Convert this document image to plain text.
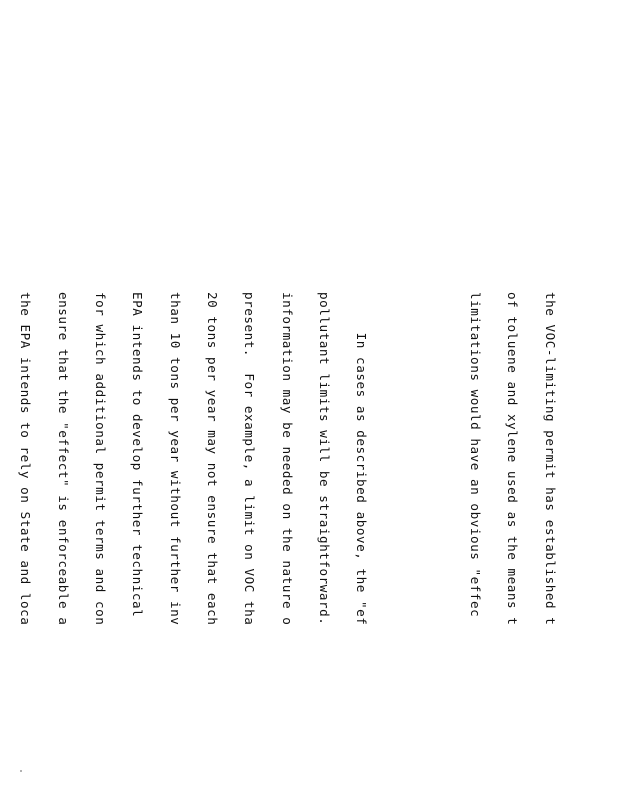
the VOC-limiting permit has established t

of toluene and xylene used as the means t

limitations would have an obvious "effec

In cases as described above, the "ef

pollutant limits will be straightforward.

information may be needed on the nature o

present.  For example, a limit on VOC tha

20 tons per year may not ensure that each

than 10 tons per year without further inv

EPA intends to develop further technical

for which additional permit terms and con

ensure that the "effect" is enforceable a

the EPA intends to rely on State and loca
